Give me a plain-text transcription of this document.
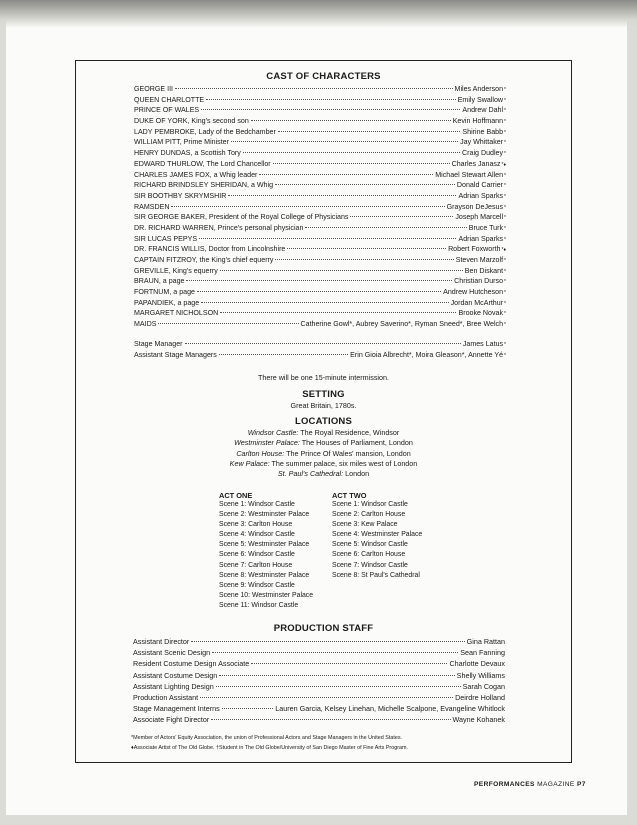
CAST OF CHARACTERS
GEORGE III	Miles Anderson *
QUEEN CHARLOTTE	Emily Swallow *
PRINCE OF WALES	Andrew Dahl *
DUKE OF YORK, King's second son	Kevin Hoffmann *
LADY PEMBROKE, Lady of the Bedchamber	Shirine Babb *
WILLIAM PITT, Prime Minister	Jay Whittaker *
HENRY DUNDAS, a Scottish Tory	Craig Dudley *
EDWARD THURLOW, The Lord Chancellor	Charles Janasz *♦
CHARLES JAMES FOX, a Whig leader	Michael Stewart Allen *
RICHARD BRINDSLEY SHERIDAN, a Whig	Donald Carrier *
SIR BOOTHBY SKRYMSHIR	Adrian Sparks *
RAMSDEN	Grayson DeJesus *
SIR GEORGE BAKER, President of the Royal College of Physicians	Joseph Marcell *
DR. RICHARD WARREN, Prince's personal physician	Bruce Turk *
SIR LUCAS PEPYS	Adrian Sparks *
DR. FRANCIS WILLIS, Doctor from Lincolnshire	Robert Foxworth *♦
CAPTAIN FITZROY, the King's chief equerry	Steven Marzolf *
GREVILLE, King's equerry	Ben Diskant *
BRAUN, a page	Christian Durso *
FORTNUM, a page	Andrew Hutcheson *
PAPANDIEK, a page	Jordan McArthur *
MARGARET NICHOLSON	Brooke Novak *
MAIDS	Catherine Gowl*, Aubrey Saverino*, Ryman Sneed*, Bree Welch *
Stage Manager	James Latus *
Assistant Stage Managers	Erin Gioia Albrecht*, Moira Gleason*, Annette Yé *
There will be one 15-minute intermission.
SETTING
Great Britain, 1780s.
LOCATIONS
Windsor Castle: The Royal Residence, Windsor
Westminster Palace: The Houses of Parliament, London
Carlton House: The Prince Of Wales' mansion, London
Kew Palace: The summer palace, six miles west of London
St. Paul's Cathedral: London
ACT ONE
Scene 1: Windsor Castle
Scene 2: Westminster Palace
Scene 3: Carlton House
Scene 4: Windsor Castle
Scene 5: Westminster Palace
Scene 6: Windsor Castle
Scene 7: Carlton House
Scene 8: Westminster Palace
Scene 9: Windsor Castle
Scene 10: Westminster Palace
Scene 11: Windsor Castle
ACT TWO
Scene 1: Windsor Castle
Scene 2: Carlton House
Scene 3: Kew Palace
Scene 4: Westminster Palace
Scene 5: Windsor Castle
Scene 6: Carlton House
Scene 7: Windsor Castle
Scene 8: St Paul's Cathedral
PRODUCTION STAFF
Assistant Director	Gina Rattan
Assistant Scenic Design	Sean Fanning
Resident Costume Design Associate	Charlotte Devaux
Assistant Costume Design	Shelly Williams
Assistant Lighting Design	Sarah Cogan
Production Assistant	Deirdre Holland
Stage Management Interns	Lauren Garcia, Kelsey Linehan, Michelle Scalpone, Evangeline Whitlock
Associate Fight Director	Wayne Kohanek
*Member of Actors' Equity Association, the union of Professional Actors and Stage Managers in the United States.
♦Associate Artist of The Old Globe. †Student in The Old Globe/University of San Diego Master of Fine Arts Program.
PERFORMANCES MAGAZINE P7
